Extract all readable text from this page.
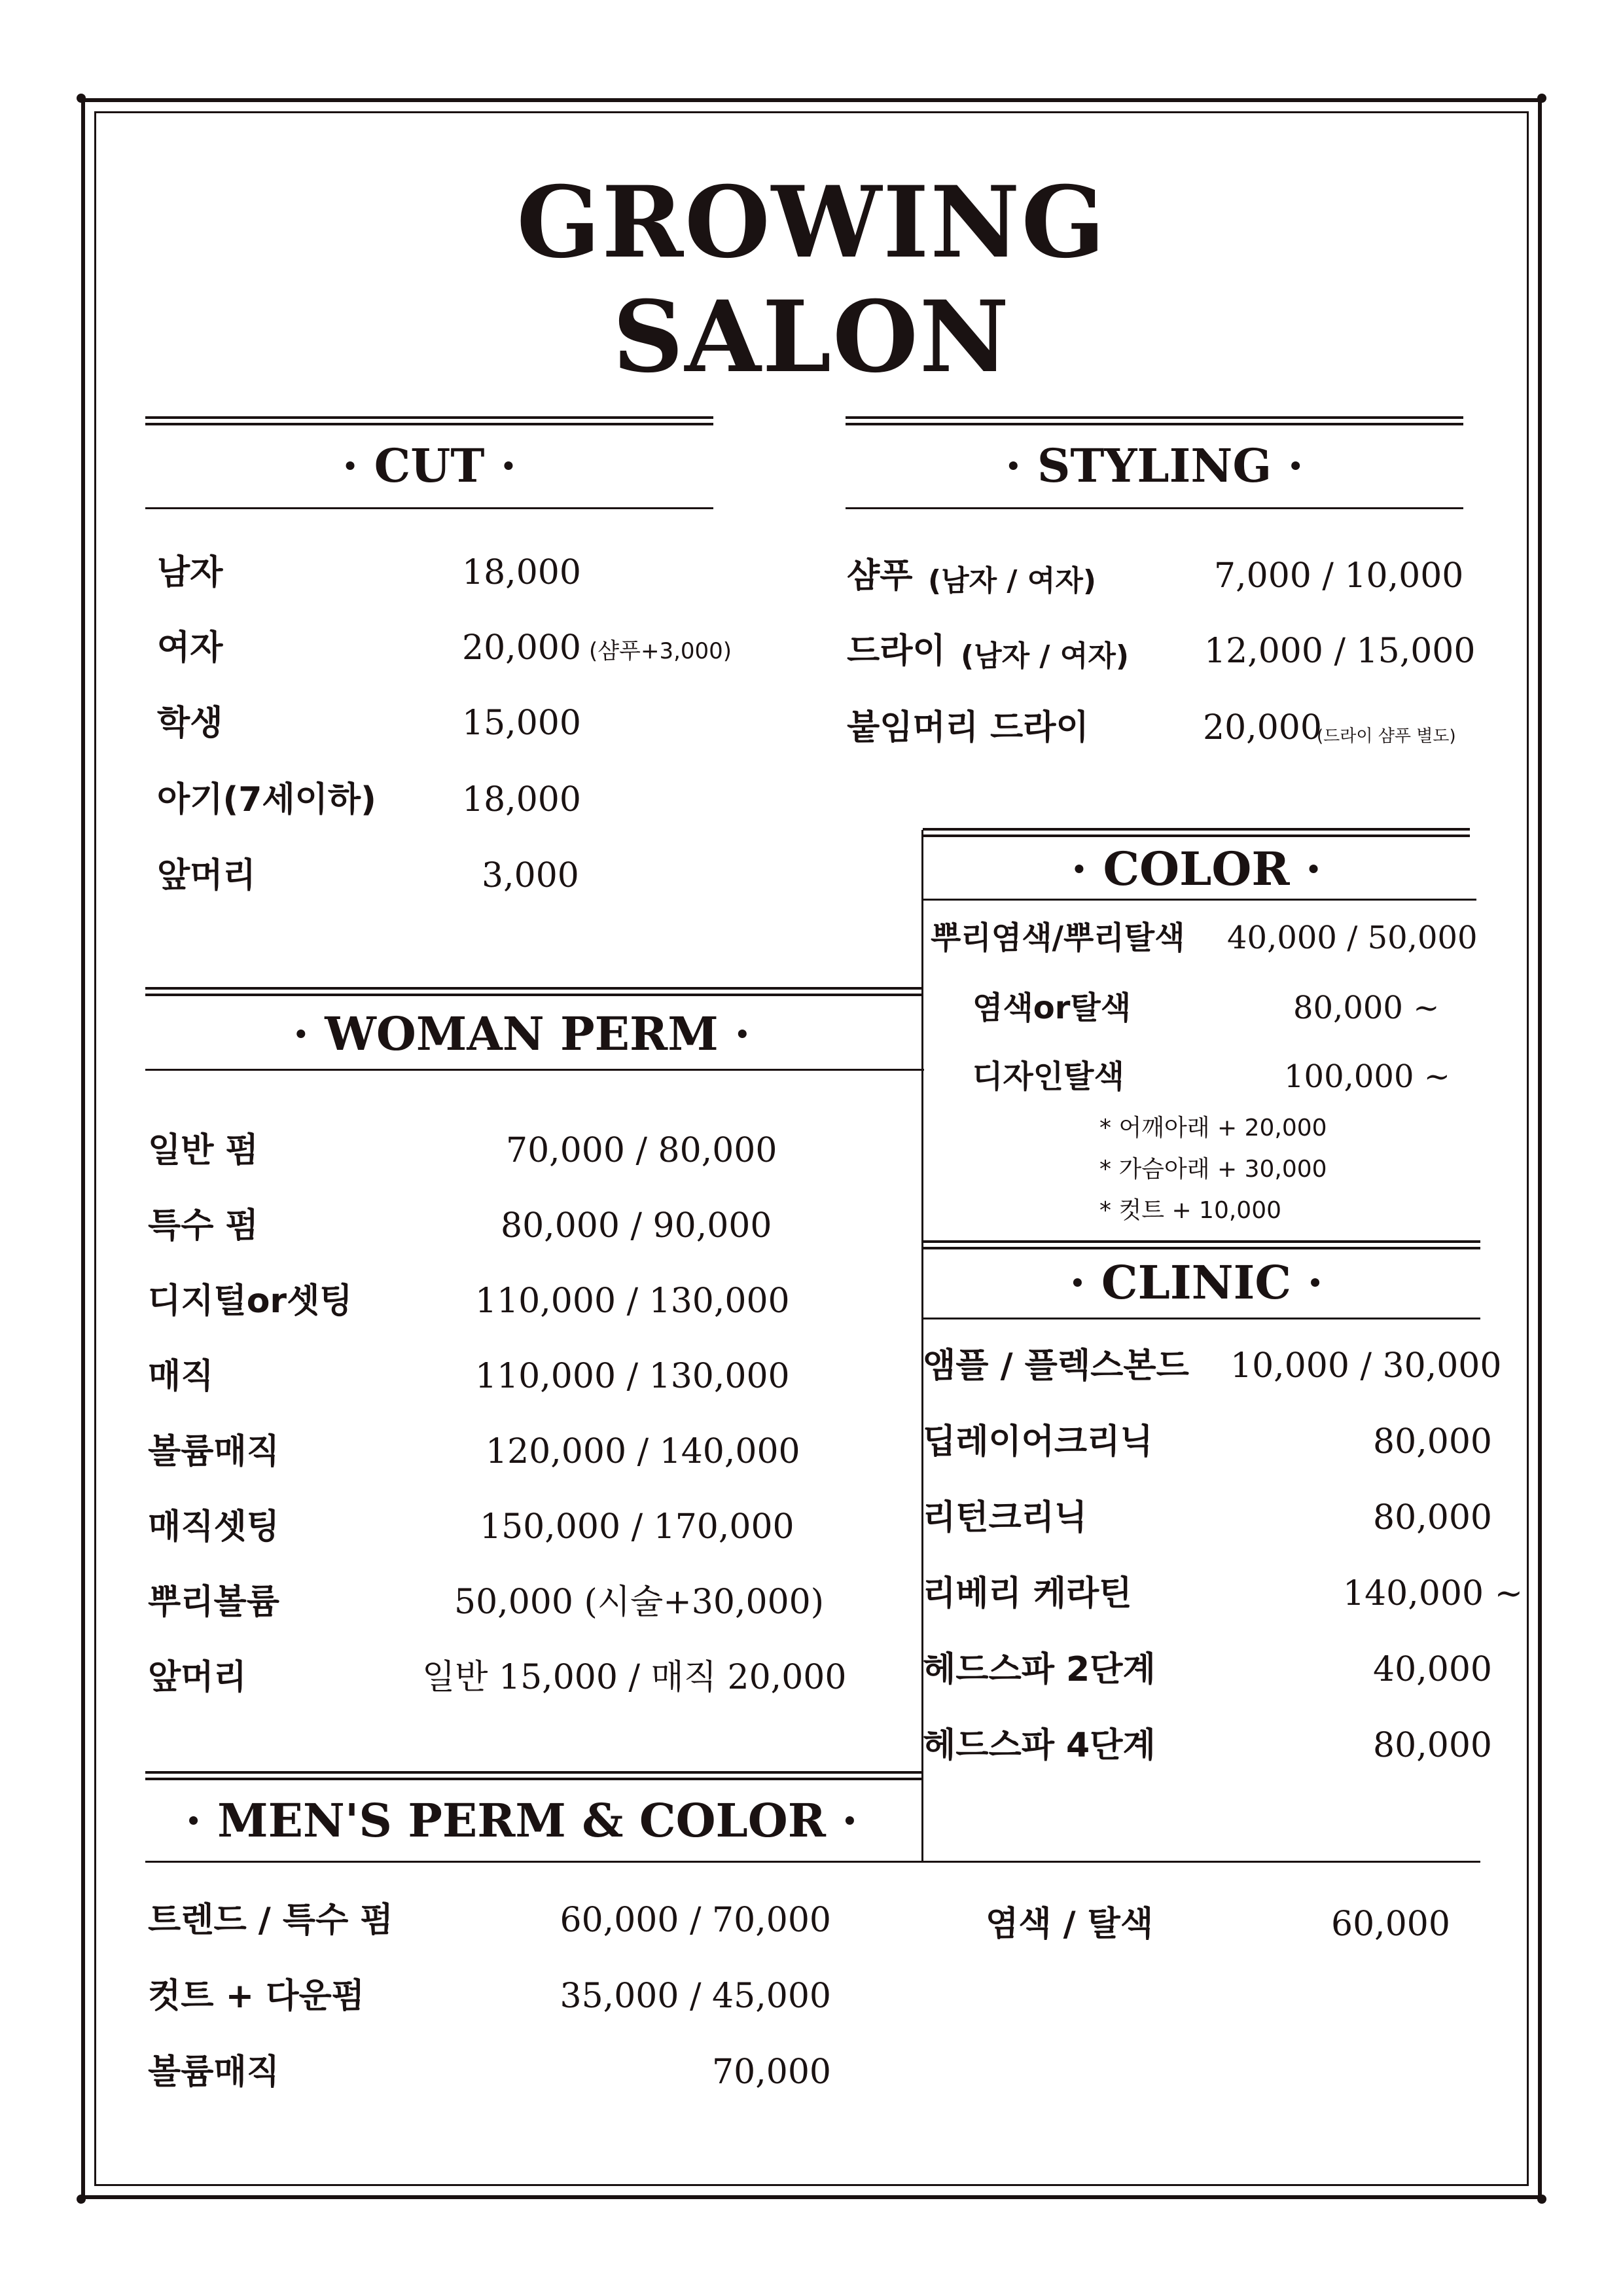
GROWING
SALON
· CUT ·
남자	18,000
여자	20,000 (샴푸+3,000)
학생	15,000
아기(7세이하)	18,000
앞머리	3,000
· STYLING ·
샴푸 (남자 / 여자)	7,000 / 10,000
드라이 (남자 / 여자) 12,000 / 15,000
붙임머리 드라이	20,000
(드라이 샴푸 별도)
· COLOR ·
뿌리염색/뿌리탈색 40,000 / 50,000
염색or탈색	80,000 ~
디자인탈색	100,000 ~
* 어깨아래 + 20,000
* 가슴아래 + 30,000
* 컷트 + 10,000
· CLINIC ·
앰플 / 플렉스본드 10,000 / 30,000
딥레이어크리닉	80,000
리턴크리닉	80,000
리베리 케라틴	140,000 ~
헤드스파 2단계	40,000
헤드스파 4단계	80,000
· WOMAN PERM ·
일반 펌	70,000 / 80,000
특수 펌	80,000 / 90,000
디지털or셋팅	110,000 / 130,000
매직	110,000 / 130,000
볼륨매직	120,000 / 140,000
매직셋팅	150,000 / 170,000
뿌리볼륨	50,000 (시술+30,000)
앞머리	일반 15,000 / 매직 20,000
· MEN'S PERM & COLOR ·
트렌드 / 특수 펌	60,000 / 70,000
컷트 + 다운펌	35,000 / 45,000
볼륨매직	70,000
염색 / 탈색	60,000
